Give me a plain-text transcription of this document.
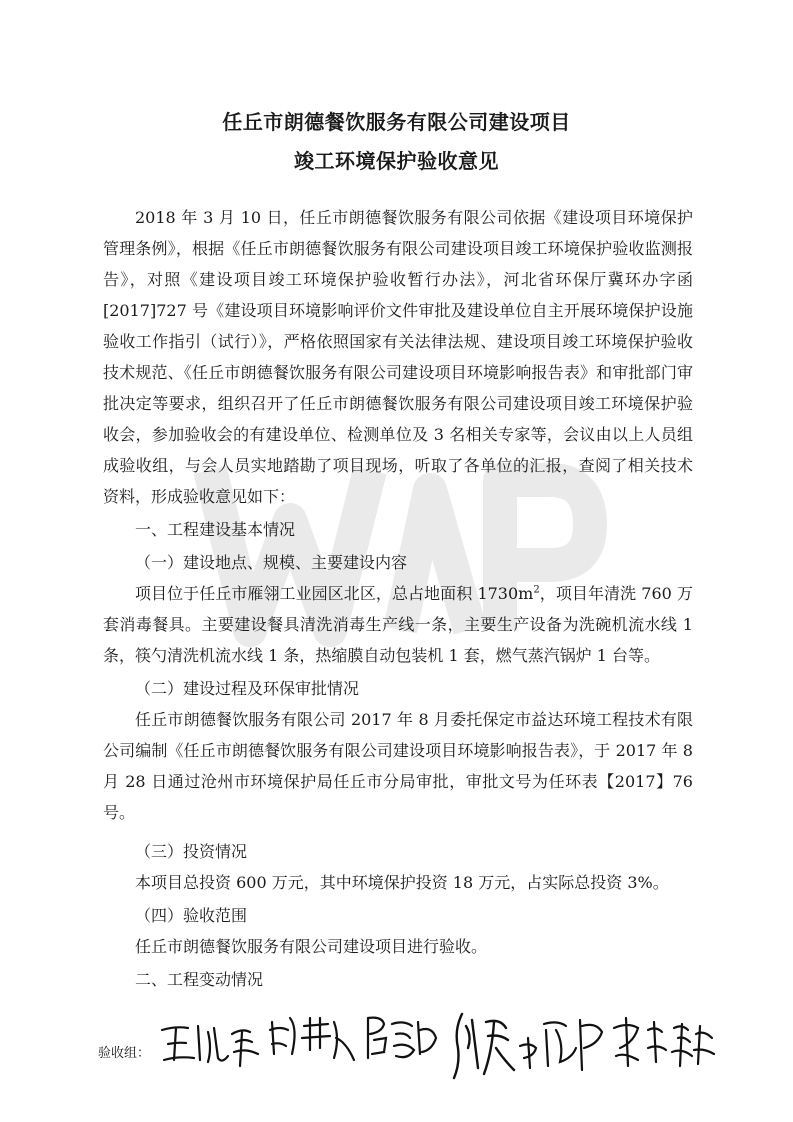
任丘市朗德餐饮服务有限公司建设项目
竣工环境保护验收意见

2018 年 3 月 10 日，任丘市朗德餐饮服务有限公司依据《建设项目环境保护管理条例》，根据《任丘市朗德餐饮服务有限公司建设项目竣工环境保护验收监测报告》，对照《建设项目竣工环境保护验收暂行办法》，河北省环保厅冀环办字函[2017]727 号《建设项目环境影响评价文件审批及建设单位自主开展环境保护设施验收工作指引（试行）》，严格依照国家有关法律法规、建设项目竣工环境保护验收技术规范、《任丘市朗德餐饮服务有限公司建设项目环境影响报告表》和审批部门审批决定等要求，组织召开了任丘市朗德餐饮服务有限公司建设项目竣工环境保护验收会，参加验收会的有建设单位、检测单位及 3 名相关专家等，会议由以上人员组成验收组，与会人员实地踏勘了项目现场，听取了各单位的汇报，查阅了相关技术资料，形成验收意见如下：

一、工程建设基本情况

（一）建设地点、规模、主要建设内容

项目位于任丘市雁翎工业园区北区，总占地面积 $1730m^2$，项目年清洗 760 万套消毒餐具。主要建设餐具清洗消毒生产线一条，主要生产设备为洗碗机流水线 1 条，筷勺清洗机流水线 1 条，热缩膜自动包装机 1 套，燃气蒸汽锅炉 1 台等。

（二）建设过程及环保审批情况

任丘市朗德餐饮服务有限公司 2017 年 8 月委托保定市益达环境工程技术有限公司编制《任丘市朗德餐饮服务有限公司建设项目环境影响报告表》，于 2017 年 8 月 28 日通过沧州市环境保护局任丘市分局审批，审批文号为任环表【2017】76 号。

（三）投资情况

本项目总投资 600 万元，其中环境保护投资 18 万元，占实际总投资 3%。

（四）验收范围

任丘市朗德餐饮服务有限公司建设项目进行验收。

二、工程变动情况

验收组：
